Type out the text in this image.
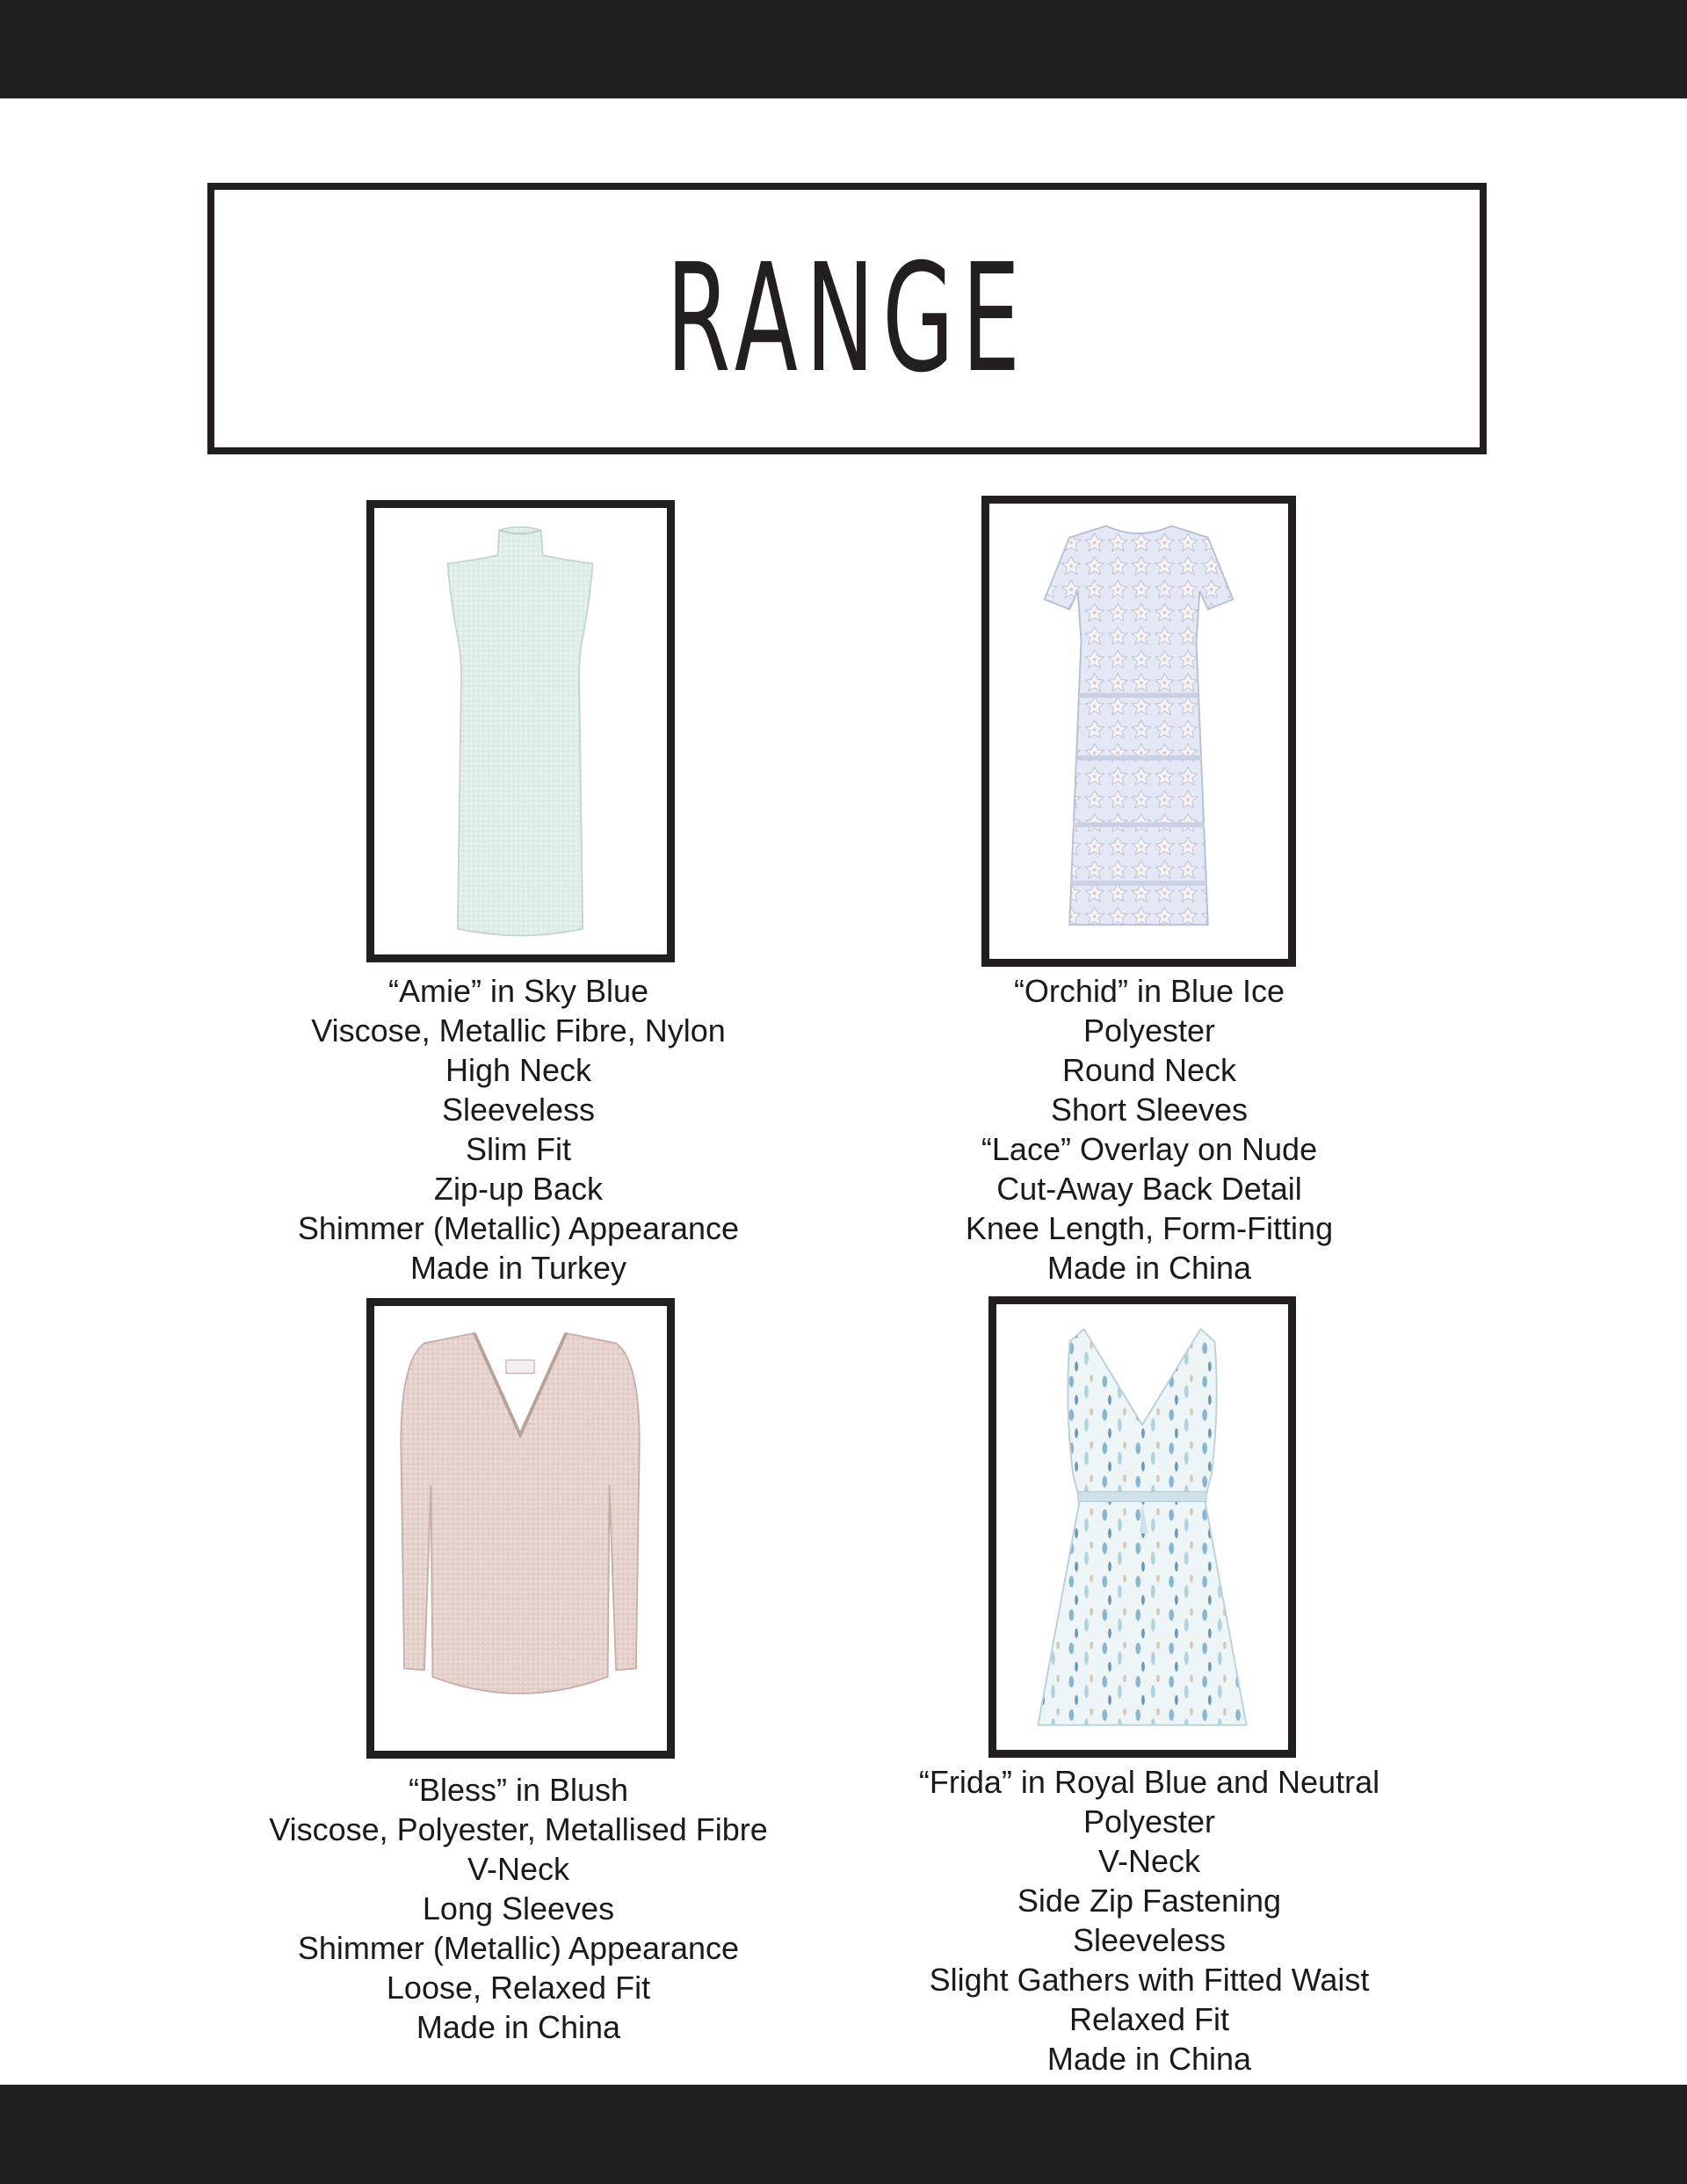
RANGE
“Amie” in Sky Blue
Viscose, Metallic Fibre, Nylon
High Neck
Sleeveless
Slim Fit
Zip-up Back
Shimmer (Metallic) Appearance
Made in Turkey
“Orchid” in Blue Ice
Polyester
Round Neck
Short Sleeves
“Lace” Overlay on Nude
Cut-Away Back Detail
Knee Length, Form-Fitting
Made in China
“Bless” in Blush
Viscose, Polyester, Metallised Fibre
V-Neck
Long Sleeves
Shimmer (Metallic) Appearance
Loose, Relaxed Fit
Made in China
“Frida” in Royal Blue and Neutral
Polyester
V-Neck
Side Zip Fastening
Sleeveless
Slight Gathers with Fitted Waist
Relaxed Fit
Made in China
